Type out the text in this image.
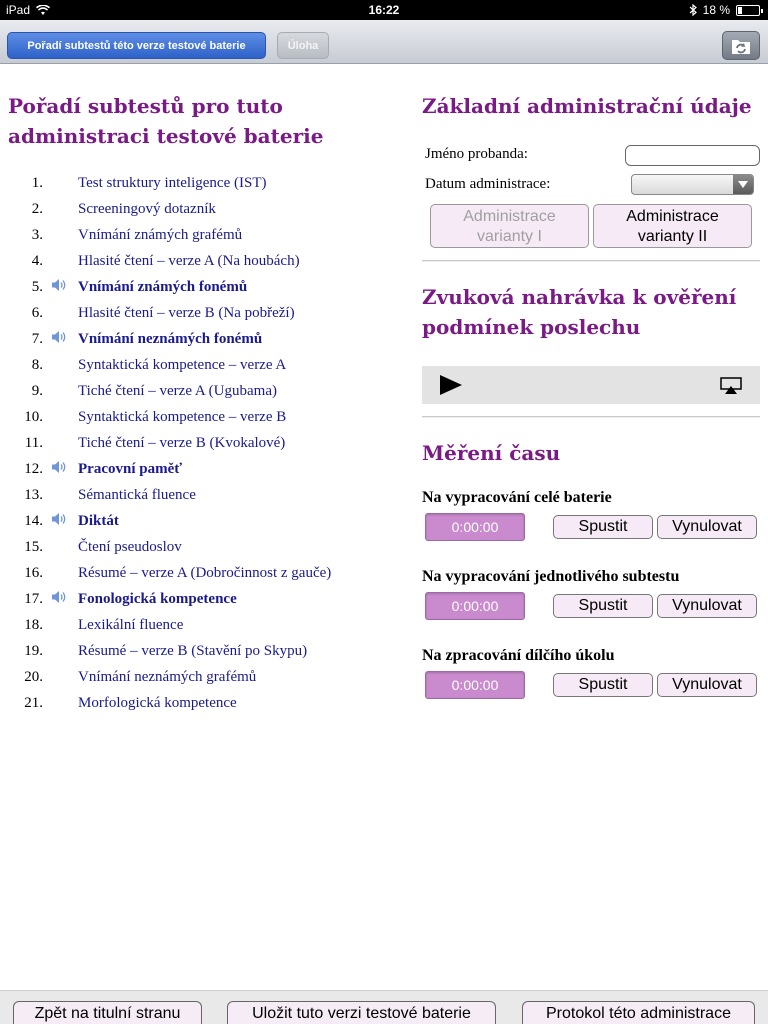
iPad	16:22	18 %
Pořadí subtestů této verze testové baterie	Úloha
Pořadí subtestů pro tuto administraci testové baterie
1. Test struktury inteligence (IST)
2. Screeningový dotazník
3. Vnímání známých grafémů
4. Hlasité čtení – verze A (Na houbách)
5. Vnímání známých fonémů
6. Hlasité čtení – verze B (Na pobřeží)
7. Vnímání neznámých fonémů
8. Syntaktická kompetence – verze A
9. Tiché čtení – verze A (Ugubama)
10. Syntaktická kompetence – verze B
11. Tiché čtení – verze B (Kvokalové)
12. Pracovní paměť
13. Sémantická fluence
14. Diktát
15. Čtení pseudoslov
16. Résumé – verze A (Dobročinnost z gauče)
17. Fonologická kompetence
18. Lexikální fluence
19. Résumé – verze B (Stavění po Skypu)
20. Vnímání neznámých grafémů
21. Morfologická kompetence
Základní administrační údaje
Jméno probanda:
Datum administrace:
Administrace
varianty I
Administrace
varianty II
Zvuková nahrávka k ověření podmínek poslechu
Měření času
Na vypracování celé baterie
0:00:00	Spustit	Vynulovat
Na vypracování jednotlivého subtestu
0:00:00	Spustit	Vynulovat
Na zpracování dílčího úkolu
0:00:00	Spustit	Vynulovat
Zpět na titulní stranu	Uložit tuto verzi testové baterie	Protokol této administrace
